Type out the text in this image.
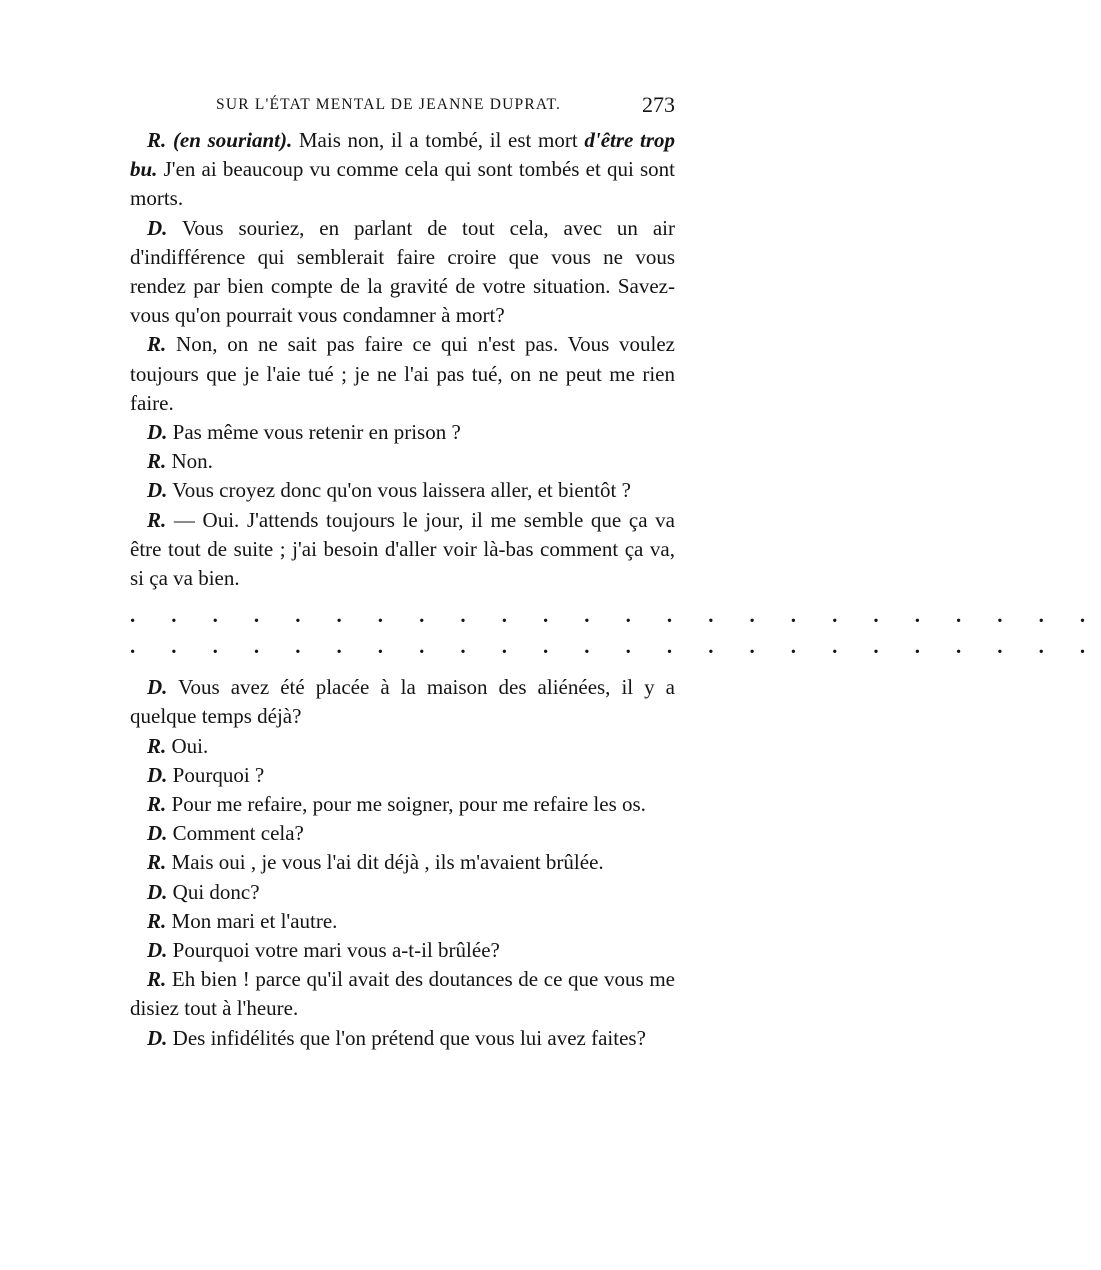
SUR L'ÉTAT MENTAL DE JEANNE DUPRAT.	273

R. (en souriant). Mais non, il a tombé, il est mort d'être trop bu. J'en ai beaucoup vu comme cela qui sont tombés et qui sont morts.

D. Vous souriez, en parlant de tout cela, avec un air d'indifférence qui semblerait faire croire que vous ne vous rendez par bien compte de la gravité de votre situation. Savez-vous qu'on pourrait vous condamner à mort?

R. Non, on ne sait pas faire ce qui n'est pas. Vous voulez toujours que je l'aie tué ; je ne l'ai pas tué, on ne peut me rien faire.

D. Pas même vous retenir en prison ?

R. Non.

D. Vous croyez donc qu'on vous laissera aller, et bientôt ?

R. — Oui. J'attends toujours le jour, il me semble que ça va être tout de suite ; j'ai besoin d'aller voir là-bas comment ça va, si ça va bien.

. . . . . . . . . . . . . . . . . . . . . . . .
. . . . . . . . . . . . . . . . . . . . . . . .

D. Vous avez été placée à la maison des aliénées, il y a quelque temps déjà?

R. Oui.

D. Pourquoi ?

R. Pour me refaire, pour me soigner, pour me refaire les os.

D. Comment cela?

R. Mais oui , je vous l'ai dit déjà , ils m'avaient brûlée.

D. Qui donc?

R. Mon mari et l'autre.

D. Pourquoi votre mari vous a-t-il brûlée?

R. Eh bien ! parce qu'il avait des doutances de ce que vous me disiez tout à l'heure.

D. Des infidélités que l'on prétend que vous lui avez faites?
